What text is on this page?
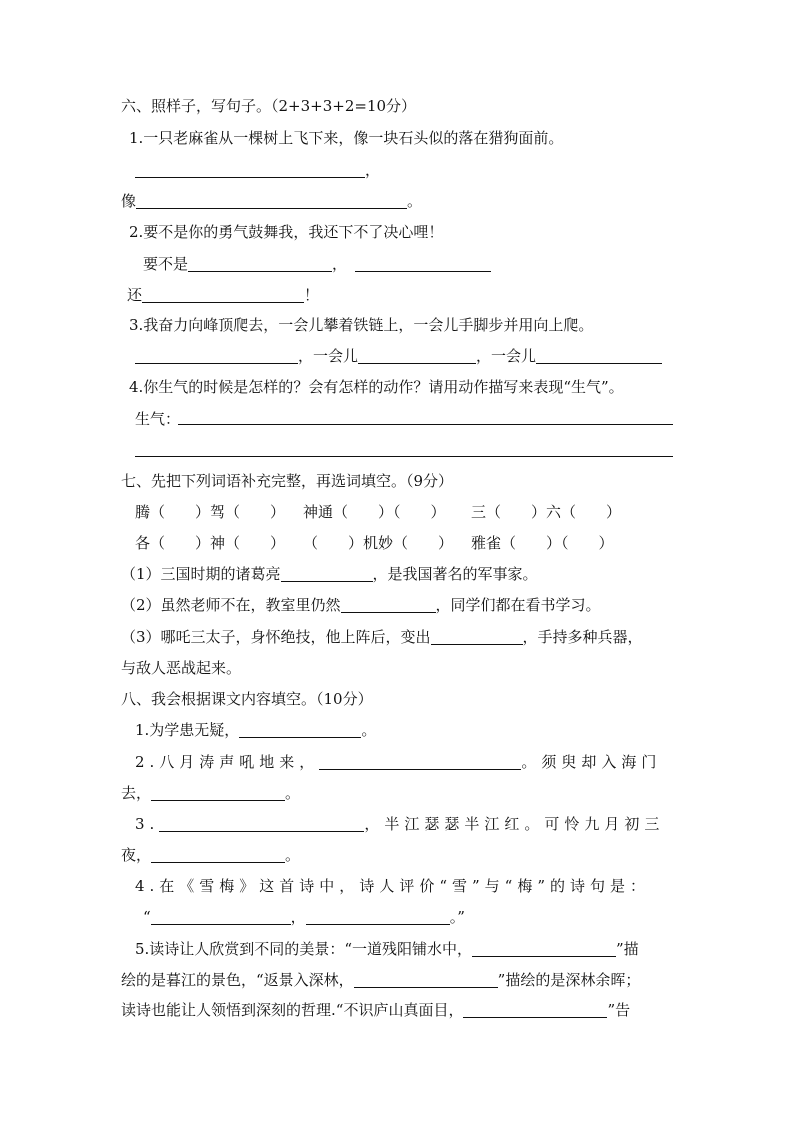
六、照样子，写句子。（2+3+3+2=10分）
1.一只老麻雀从一棵树上飞下来，像一块石头似的落在猎狗面前。
，
像	。
2.要不是你的勇气鼓舞我，我还下不了决心哩！
要不是	，
还	！
3.我奋力向峰顶爬去，一会儿攀着铁链上，一会儿手脚步并用向上爬。
，一会儿	，一会儿
4.你生气的时候是怎样的？会有怎样的动作？请用动作描写来表现“生气”。
生气：
七、先把下列词语补充完整，再选词填空。（9分）
腾（　　）驾（　　） 神通（　　）（　　） 三（　　）六（　　）
各（　　）神（　　） （　　）机妙（　　） 雅雀（　　）（　　）
（1）三国时期的诸葛亮	，是我国著名的军事家。
（2）虽然老师不在，教室里仍然	，同学们都在看书学习。
（3）哪吒三太子，身怀绝技，他上阵后，变出	，手持多种兵器，
与敌人恶战起来。
八、我会根据课文内容填空。（10分）
1.为学患无疑，	。
2.八月涛声吼地来，	。须臾却入海门
去，	。
3.	，半江瑟瑟半江红。可怜九月初三
夜，	。
4.在《雪梅》这首诗中，诗人评价“雪”与“梅”的诗句是：
“	，	。”
5.读诗让人欣赏到不同的美景：“一道残阳铺水中，	”描
绘的是暮江的景色，“返景入深林，	”描绘的是深林余晖；
读诗也能让人领悟到深刻的哲理.“不识庐山真面目，	”告
